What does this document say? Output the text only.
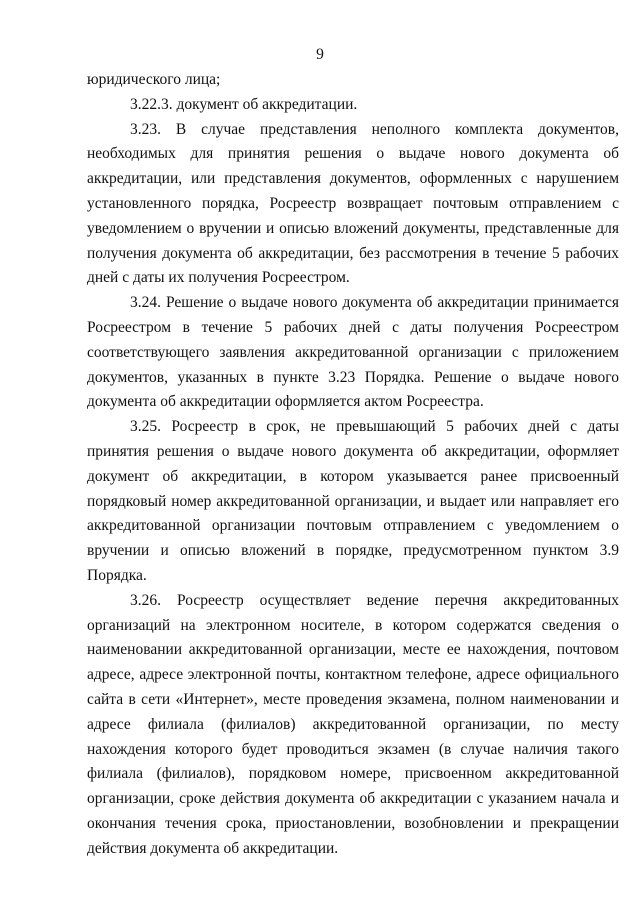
9

юридического лица;

3.22.3. документ об аккредитации.

3.23. В случае представления неполного комплекта документов, необходимых для принятия решения о выдаче нового документа об аккредитации, или представления документов, оформленных с нарушением установленного порядка, Росреестр возвращает почтовым отправлением с уведомлением о вручении и описью вложений документы, представленные для получения документа об аккредитации, без рассмотрения в течение 5 рабочих дней с даты их получения Росреестром.

3.24. Решение о выдаче нового документа об аккредитации принимается Росреестром в течение 5 рабочих дней с даты получения Росреестром соответствующего заявления аккредитованной организации с приложением документов, указанных в пункте 3.23 Порядка. Решение о выдаче нового документа об аккредитации оформляется актом Росреестра.

3.25. Росреестр в срок, не превышающий 5 рабочих дней с даты принятия решения о выдаче нового документа об аккредитации, оформляет документ об аккредитации, в котором указывается ранее присвоенный порядковый номер аккредитованной организации, и выдает или направляет его аккредитованной организации почтовым отправлением с уведомлением о вручении и описью вложений в порядке, предусмотренном пунктом 3.9 Порядка.

3.26. Росреестр осуществляет ведение перечня аккредитованных организаций на электронном носителе, в котором содержатся сведения о наименовании аккредитованной организации, месте ее нахождения, почтовом адресе, адресе электронной почты, контактном телефоне, адресе официального сайта в сети «Интернет», месте проведения экзамена, полном наименовании и адресе филиала (филиалов) аккредитованной организации, по месту нахождения которого будет проводиться экзамен (в случае наличия такого филиала (филиалов), порядковом номере, присвоенном аккредитованной организации, сроке действия документа об аккредитации с указанием начала и окончания течения срока, приостановлении, возобновлении и прекращении действия документа об аккредитации.
